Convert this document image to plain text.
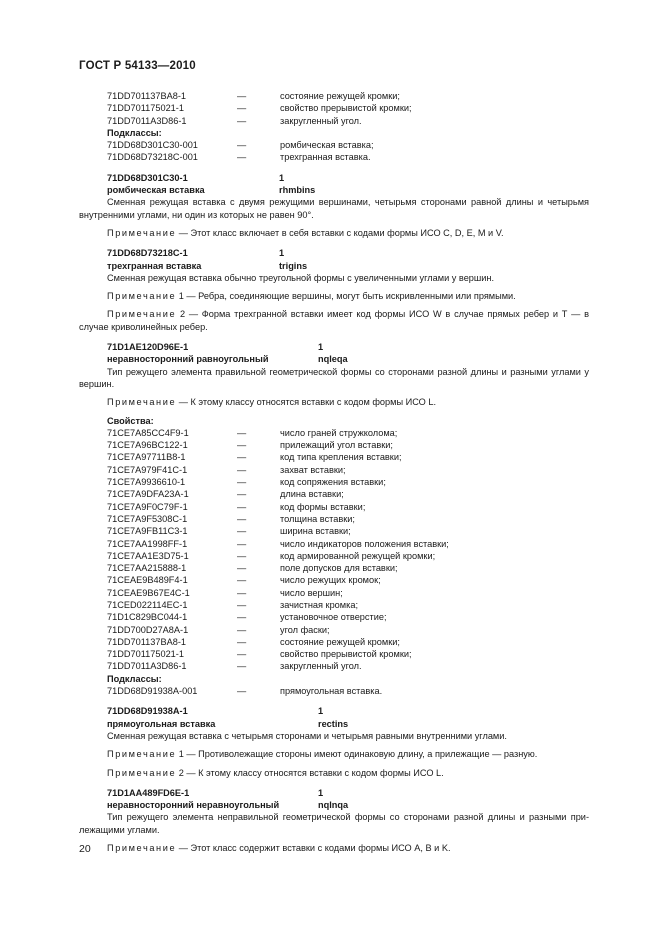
ГОСТ Р 54133—2010
71DD701137BA8-1	—	состояние режущей кромки;
71DD701175021-1	—	свойство прерывистой кромки;
71DD7011A3D86-1	—	закругленный угол.
Подклассы:
71DD68D301C30-001	—	ромбическая вставка;
71DD68D73218C-001	—	трехгранная вставка.
71DD68D301C30-1	1
ромбическая вставка	rhmbins
Сменная режущая вставка с двумя режущими вершинами, четырьмя сторонами равной длины и четырьмя внутренними углами, ни один из которых не равен 90°.
Примечание — Этот класс включает в себя вставки с кодами формы ИСО С, D, E, M и V.
71DD68D73218C-1	1
трехгранная вставка	trigins
Сменная режущая вставка обычно треугольной формы с увеличенными углами у вершин.
Примечание 1 — Ребра, соединяющие вершины, могут быть искривленными или прямыми.
Примечание 2 — Форма трехгранной вставки имеет код формы ИСО W в случае прямых ребер и Т — в случае криволинейных ребер.
71D1AE120D96E-1	1
неравносторонний равноугольный	nqleqa
Тип режущего элемента правильной геометрической формы со сторонами разной длины и разными углами у вершин.
Примечание — К этому классу относятся вставки с кодом формы ИСО L.
Свойства:
71CE7A85CC4F9-1	—	число граней стружколома;
71CE7A96BC122-1	—	прилежащий угол вставки;
71CE7A97711B8-1	—	код типа крепления вставки;
71CE7A979F41C-1	—	захват вставки;
71CE7A9936610-1	—	код сопряжения вставки;
71CE7A9DFA23A-1	—	длина вставки;
71CE7A9F0C79F-1	—	код формы вставки;
71CE7A9F5308C-1	—	толщина вставки;
71CE7A9FB11C3-1	—	ширина вставки;
71CE7AA1998FF-1	—	число индикаторов положения вставки;
71CE7AA1E3D75-1	—	код армированной режущей кромки;
71CE7AA215888-1	—	поле допусков для вставки;
71CEAE9B489F4-1	—	число режущих кромок;
71CEAE9B67E4C-1	—	число вершин;
71CED022114EC-1	—	зачистная кромка;
71D1C829BC044-1	—	установочное отверстие;
71DD700D27A8A-1	—	угол фаски;
71DD701137BA8-1	—	состояние режущей кромки;
71DD701175021-1	—	свойство прерывистой кромки;
71DD7011A3D86-1	—	закругленный угол.
Подклассы:
71DD68D91938A-001	—	прямоугольная вставка.
71DD68D91938A-1	1
прямоугольная вставка	rectins
Сменная режущая вставка с четырьмя сторонами и четырьмя равными внутренними углами.
Примечание 1 — Противолежащие стороны имеют одинаковую длину, а прилежащие — разную.
Примечание 2 — К этому классу относятся вставки с кодом формы ИСО L.
71D1AA489FD6E-1	1
неравносторонний неравноугольный	nqlnqa
Тип режущего элемента неправильной геометрической формы со сторонами разной длины и разными при-лежащими углами.
Примечание — Этот класс содержит вставки с кодами формы ИСО А, В и K.
20
